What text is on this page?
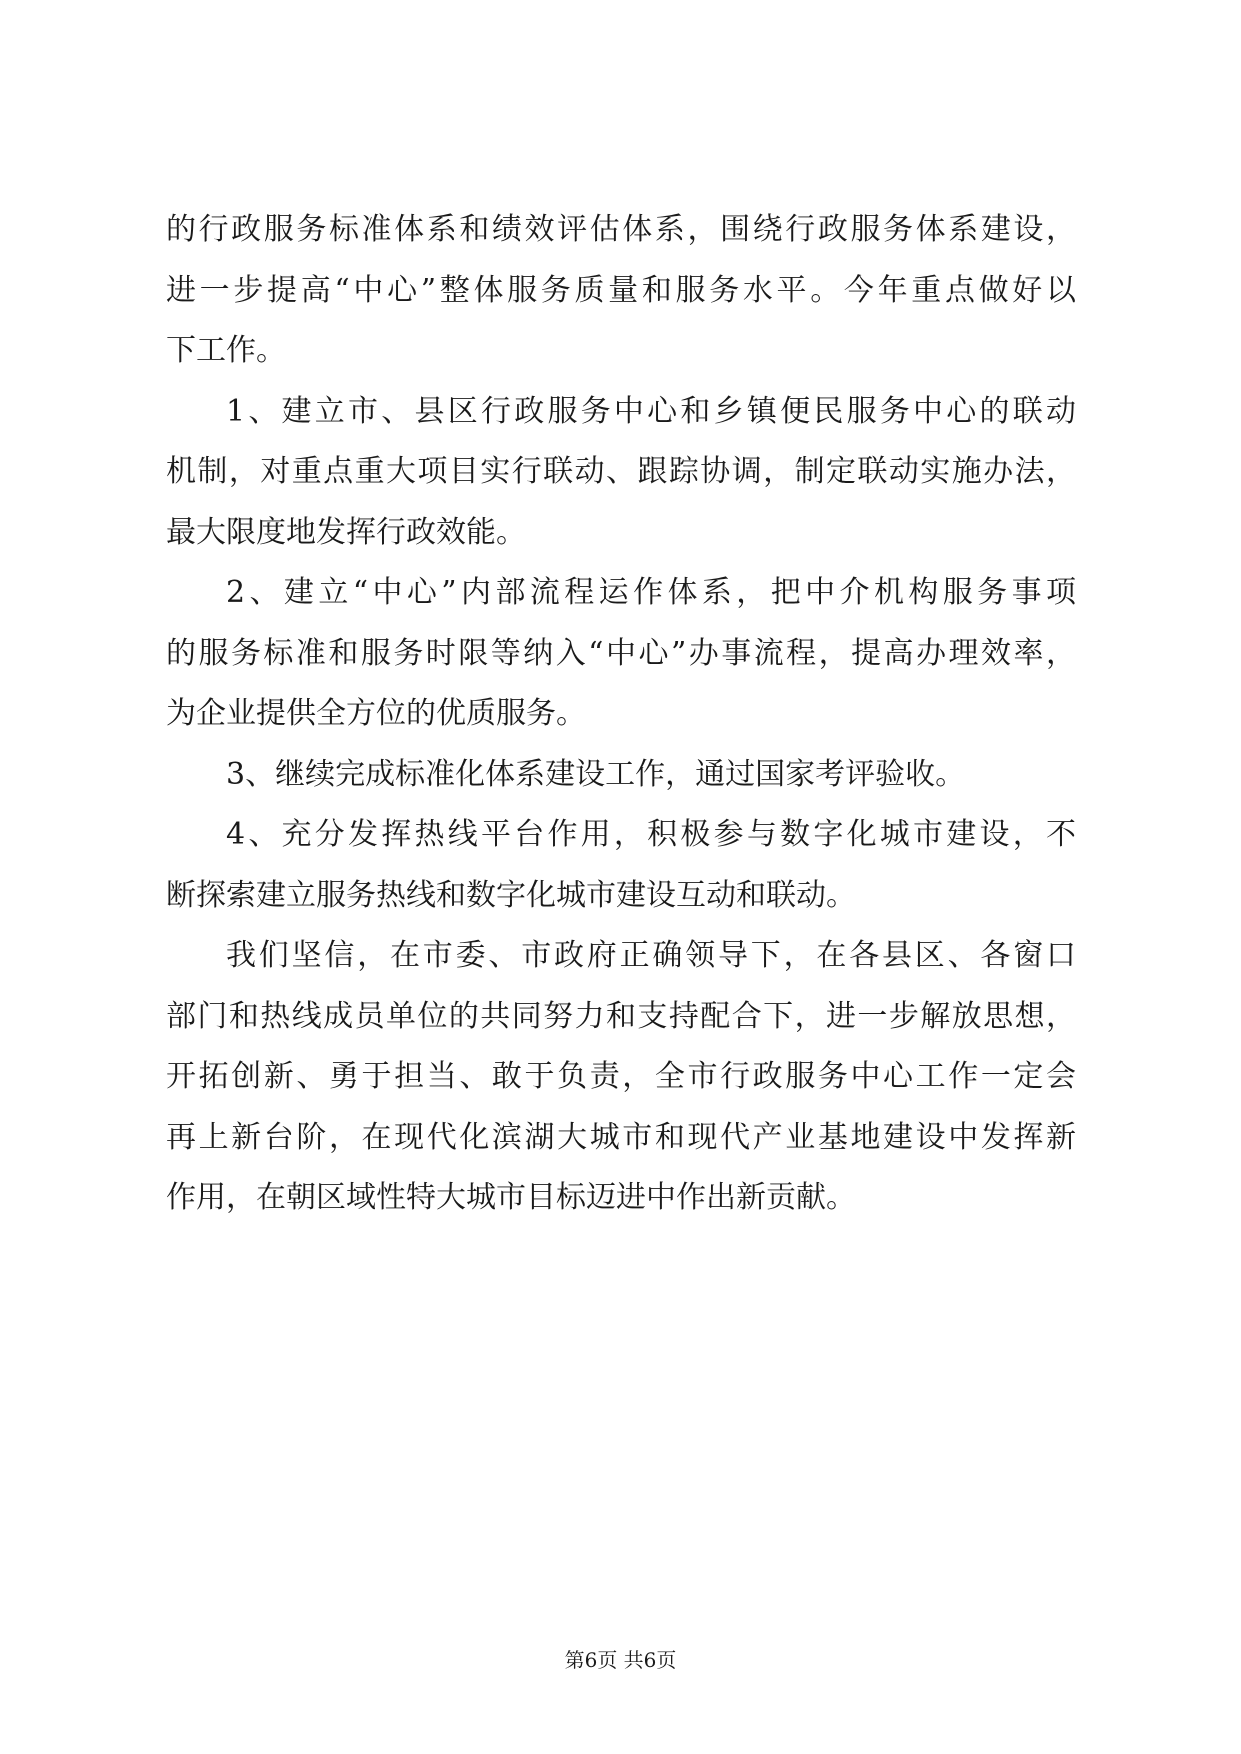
的行政服务标准体系和绩效评估体系，围绕行政服务体系建设，
进一步提高“中心”整体服务质量和服务水平。今年重点做好以
下工作。
1、建立市、县区行政服务中心和乡镇便民服务中心的联动
机制，对重点重大项目实行联动、跟踪协调，制定联动实施办法，
最大限度地发挥行政效能。
2、建立“中心”内部流程运作体系，把中介机构服务事项
的服务标准和服务时限等纳入“中心”办事流程，提高办理效率，
为企业提供全方位的优质服务。
3、继续完成标准化体系建设工作，通过国家考评验收。
4、充分发挥热线平台作用，积极参与数字化城市建设，不
断探索建立服务热线和数字化城市建设互动和联动。
我们坚信，在市委、市政府正确领导下，在各县区、各窗口
部门和热线成员单位的共同努力和支持配合下，进一步解放思想，
开拓创新、勇于担当、敢于负责，全市行政服务中心工作一定会
再上新台阶，在现代化滨湖大城市和现代产业基地建设中发挥新
作用，在朝区域性特大城市目标迈进中作出新贡献。
第6页 共6页
